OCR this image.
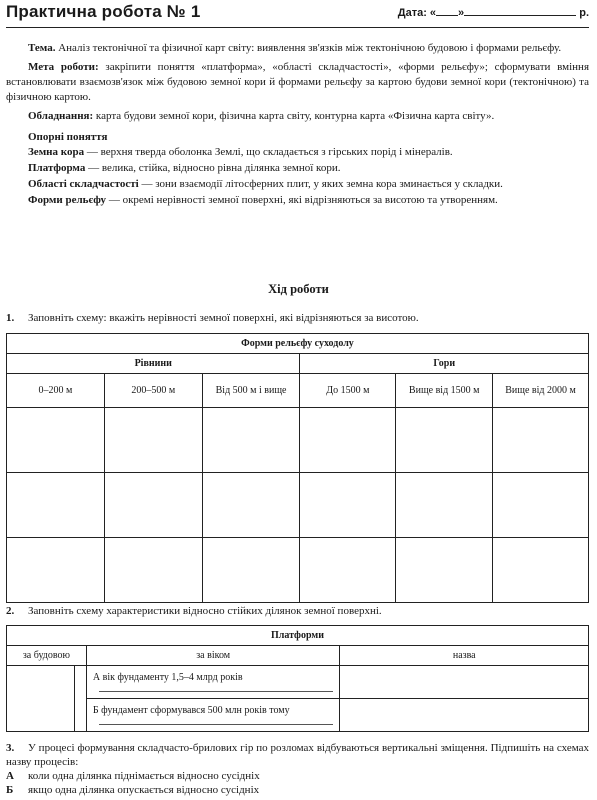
Практична робота № 1	Дата: « »	р.

Тема. Аналіз тектонічної та фізичної карт світу: виявлення зв'язків між тектонічною будовою і формами рельєфу.

Мета роботи: закріпити поняття «платформа», «області складчастості», «форми рельєфу»; сформувати вміння встановлювати взаємозв'язок між будовою земної кори й формами рельєфу за картою будови земної кори (тектонічною) та фізичною картою.

Обладнання: карта будови земної кори, фізична карта світу, контурна карта «Фізична карта світу».

Опорні поняття

Земна кора — верхня тверда оболонка Землі, що складається з гірських порід і мінералів.

Платформа — велика, стійка, відносно рівна ділянка земної кори.

Області складчастості — зони взаємодії літосферних плит, у яких земна кора зминається у складки.

Форми рельєфу — окремі нерівності земної поверхні, які відрізняються за висотою та утворенням.

Хід роботи
1. Заповніть схему: вкажіть нерівності земної поверхні, які відрізняються за висотою.
Форми рельєфу суходолу					
Рівнини			Гори		
0–200 м	200–500 м	Від 500 м і вище	До 1500 м	Вище від 1500 м	Вище від 2000 м

2. Заповніть схему характеристики відносно стійких ділянок земної поверхні.
Платформи			
за будовою		за віком	назва
		А вік фундаменту 1,5–4 млрд років

		Б фундамент сформувався 500 млн років тому

3. У процесі формування складчасто-брилових гір по розломах відбуваються вертикальні зміщення. Підпишіть на схемах назву процесів:
А коли одна ділянка піднімається відносно сусідніх
Б якщо одна ділянка опускається відносно сусідніх
